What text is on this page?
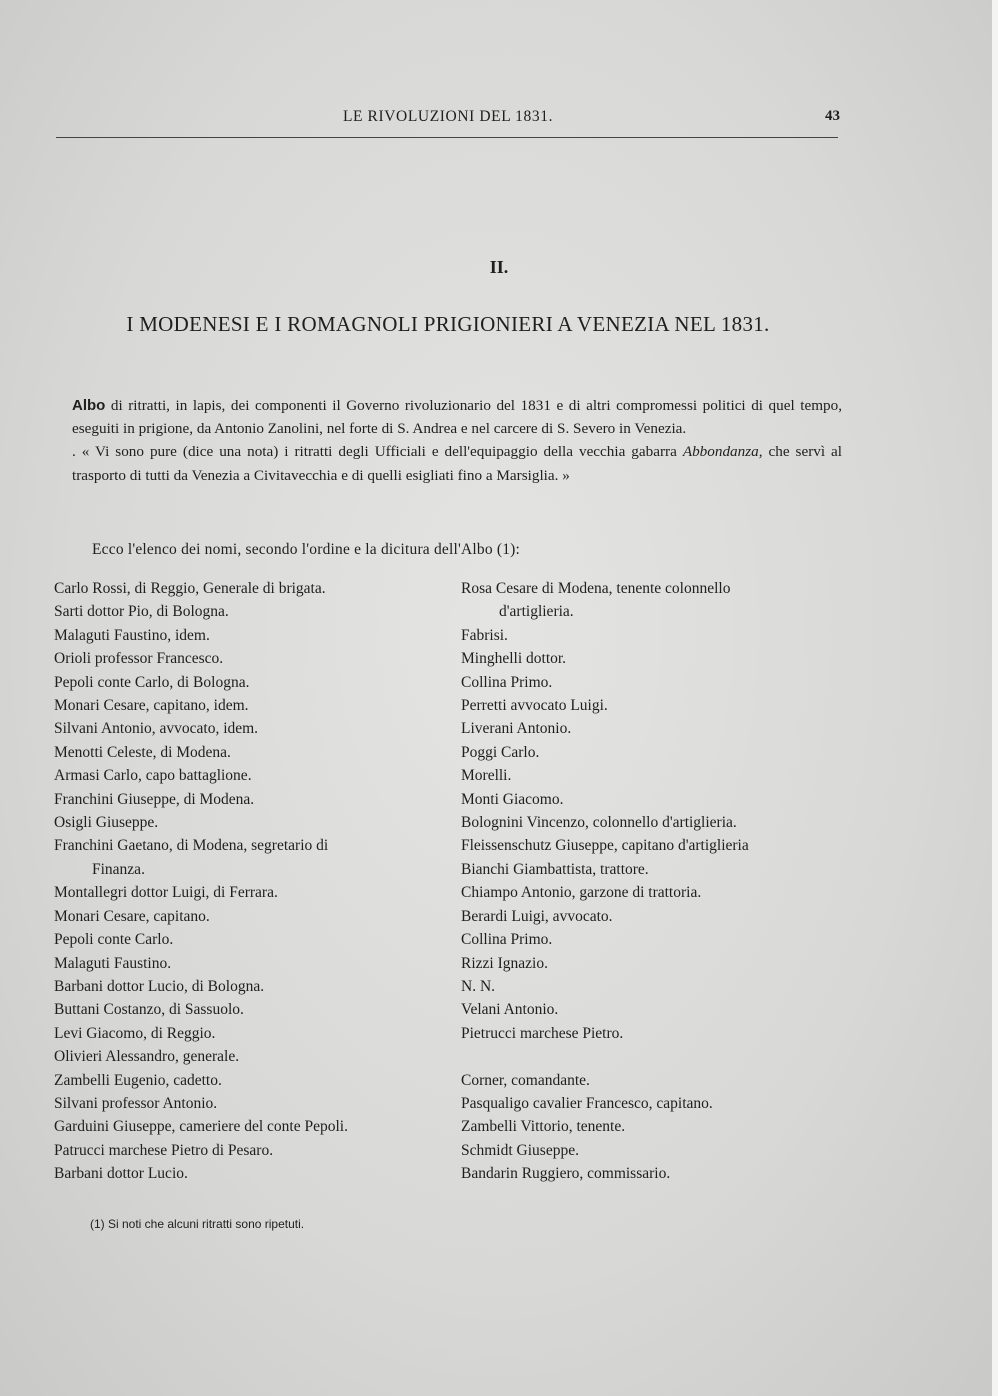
LE RIVOLUZIONI DEL 1831.	43
II.
I MODENESI E I ROMAGNOLI PRIGIONIERI A VENEZIA NEL 1831.

Albo di ritratti, in lapis, dei componenti il Governo rivoluzionario del 1831 e di altri compromessi politici di quel tempo, eseguiti in prigione, da Antonio Zanolini, nel forte di S. Andrea e nel carcere di S. Severo in Venezia.

. « Vi sono pure (dice una nota) i ritratti degli Ufficiali e dell'equipaggio della vecchia gabarra Abbondanza, che servì al trasporto di tutti da Venezia a Civitavecchia e di quelli esigliati fino a Marsiglia. »

Ecco l'elenco dei nomi, secondo l'ordine e la dicitura dell'Albo (1):
Carlo Rossi, di Reggio, Generale di brigata.
Sarti dottor Pio, di Bologna.
Malaguti Faustino, idem.
Orioli professor Francesco.
Pepoli conte Carlo, di Bologna.
Monari Cesare, capitano, idem.
Silvani Antonio, avvocato, idem.
Menotti Celeste, di Modena.
Armasi Carlo, capo battaglione.
Franchini Giuseppe, di Modena.
Osigli Giuseppe.
Franchini Gaetano, di Modena, segretario di
Finanza.
Montallegri dottor Luigi, di Ferrara.
Monari Cesare, capitano.
Pepoli conte Carlo.
Malaguti Faustino.
Barbani dottor Lucio, di Bologna.
Buttani Costanzo, di Sassuolo.
Levi Giacomo, di Reggio.
Olivieri Alessandro, generale.
Zambelli Eugenio, cadetto.
Silvani professor Antonio.
Garduini Giuseppe, cameriere del conte Pepoli.
Patrucci marchese Pietro di Pesaro.
Barbani dottor Lucio.
Rosa Cesare di Modena, tenente colonnello
d'artiglieria.
Fabrisi.
Minghelli dottor.
Collina Primo.
Perretti avvocato Luigi.
Liverani Antonio.
Poggi Carlo.
Morelli.
Monti Giacomo.
Bolognini Vincenzo, colonnello d'artiglieria.
Fleissenschutz Giuseppe, capitano d'artiglieria
Bianchi Giambattista, trattore.
Chiampo Antonio, garzone di trattoria.
Berardi Luigi, avvocato.
Collina Primo.
Rizzi Ignazio.
N. N.
Velani Antonio.
Pietrucci marchese Pietro.
Corner, comandante.
Pasqualigo cavalier Francesco, capitano.
Zambelli Vittorio, tenente.
Schmidt Giuseppe.
Bandarin Ruggiero, commissario.
(1) Si noti che alcuni ritratti sono ripetuti.
